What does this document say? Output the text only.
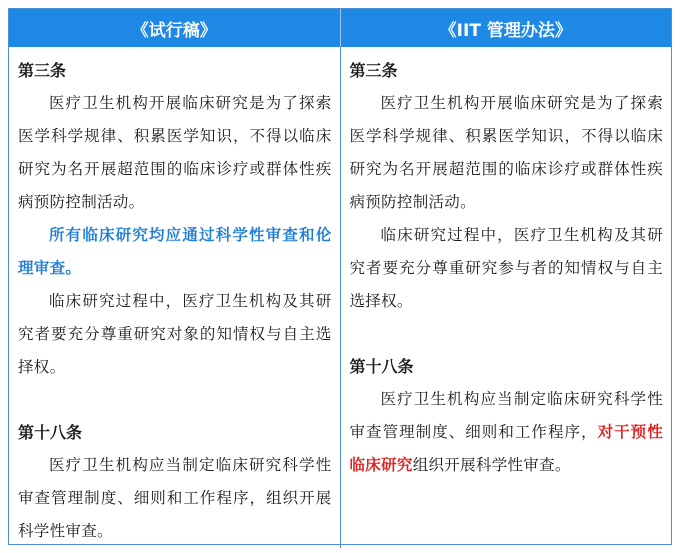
《试行稿》	《IIT 管理办法》
第三条

医疗卫生机构开展临床研究是为了探索医学科学规律、积累医学知识，不得以临床研究为名开展超范围的临床诊疗或群体性疾病预防控制活动。

所有临床研究均应通过科学性审查和伦理审查。

临床研究过程中，医疗卫生机构及其研究者要充分尊重研究对象的知情权与自主选择权。

第十八条

医疗卫生机构应当制定临床研究科学性审查管理制度、细则和工作程序，组织开展科学性审查。

第三条

医疗卫生机构开展临床研究是为了探索医学科学规律、积累医学知识，不得以临床研究为名开展超范围的临床诊疗或群体性疾病预防控制活动。

临床研究过程中，医疗卫生机构及其研究者要充分尊重研究参与者的知情权与自主选择权。

第十八条

医疗卫生机构应当制定临床研究科学性审查管理制度、细则和工作程序，对干预性临床研究组织开展科学性审查。
